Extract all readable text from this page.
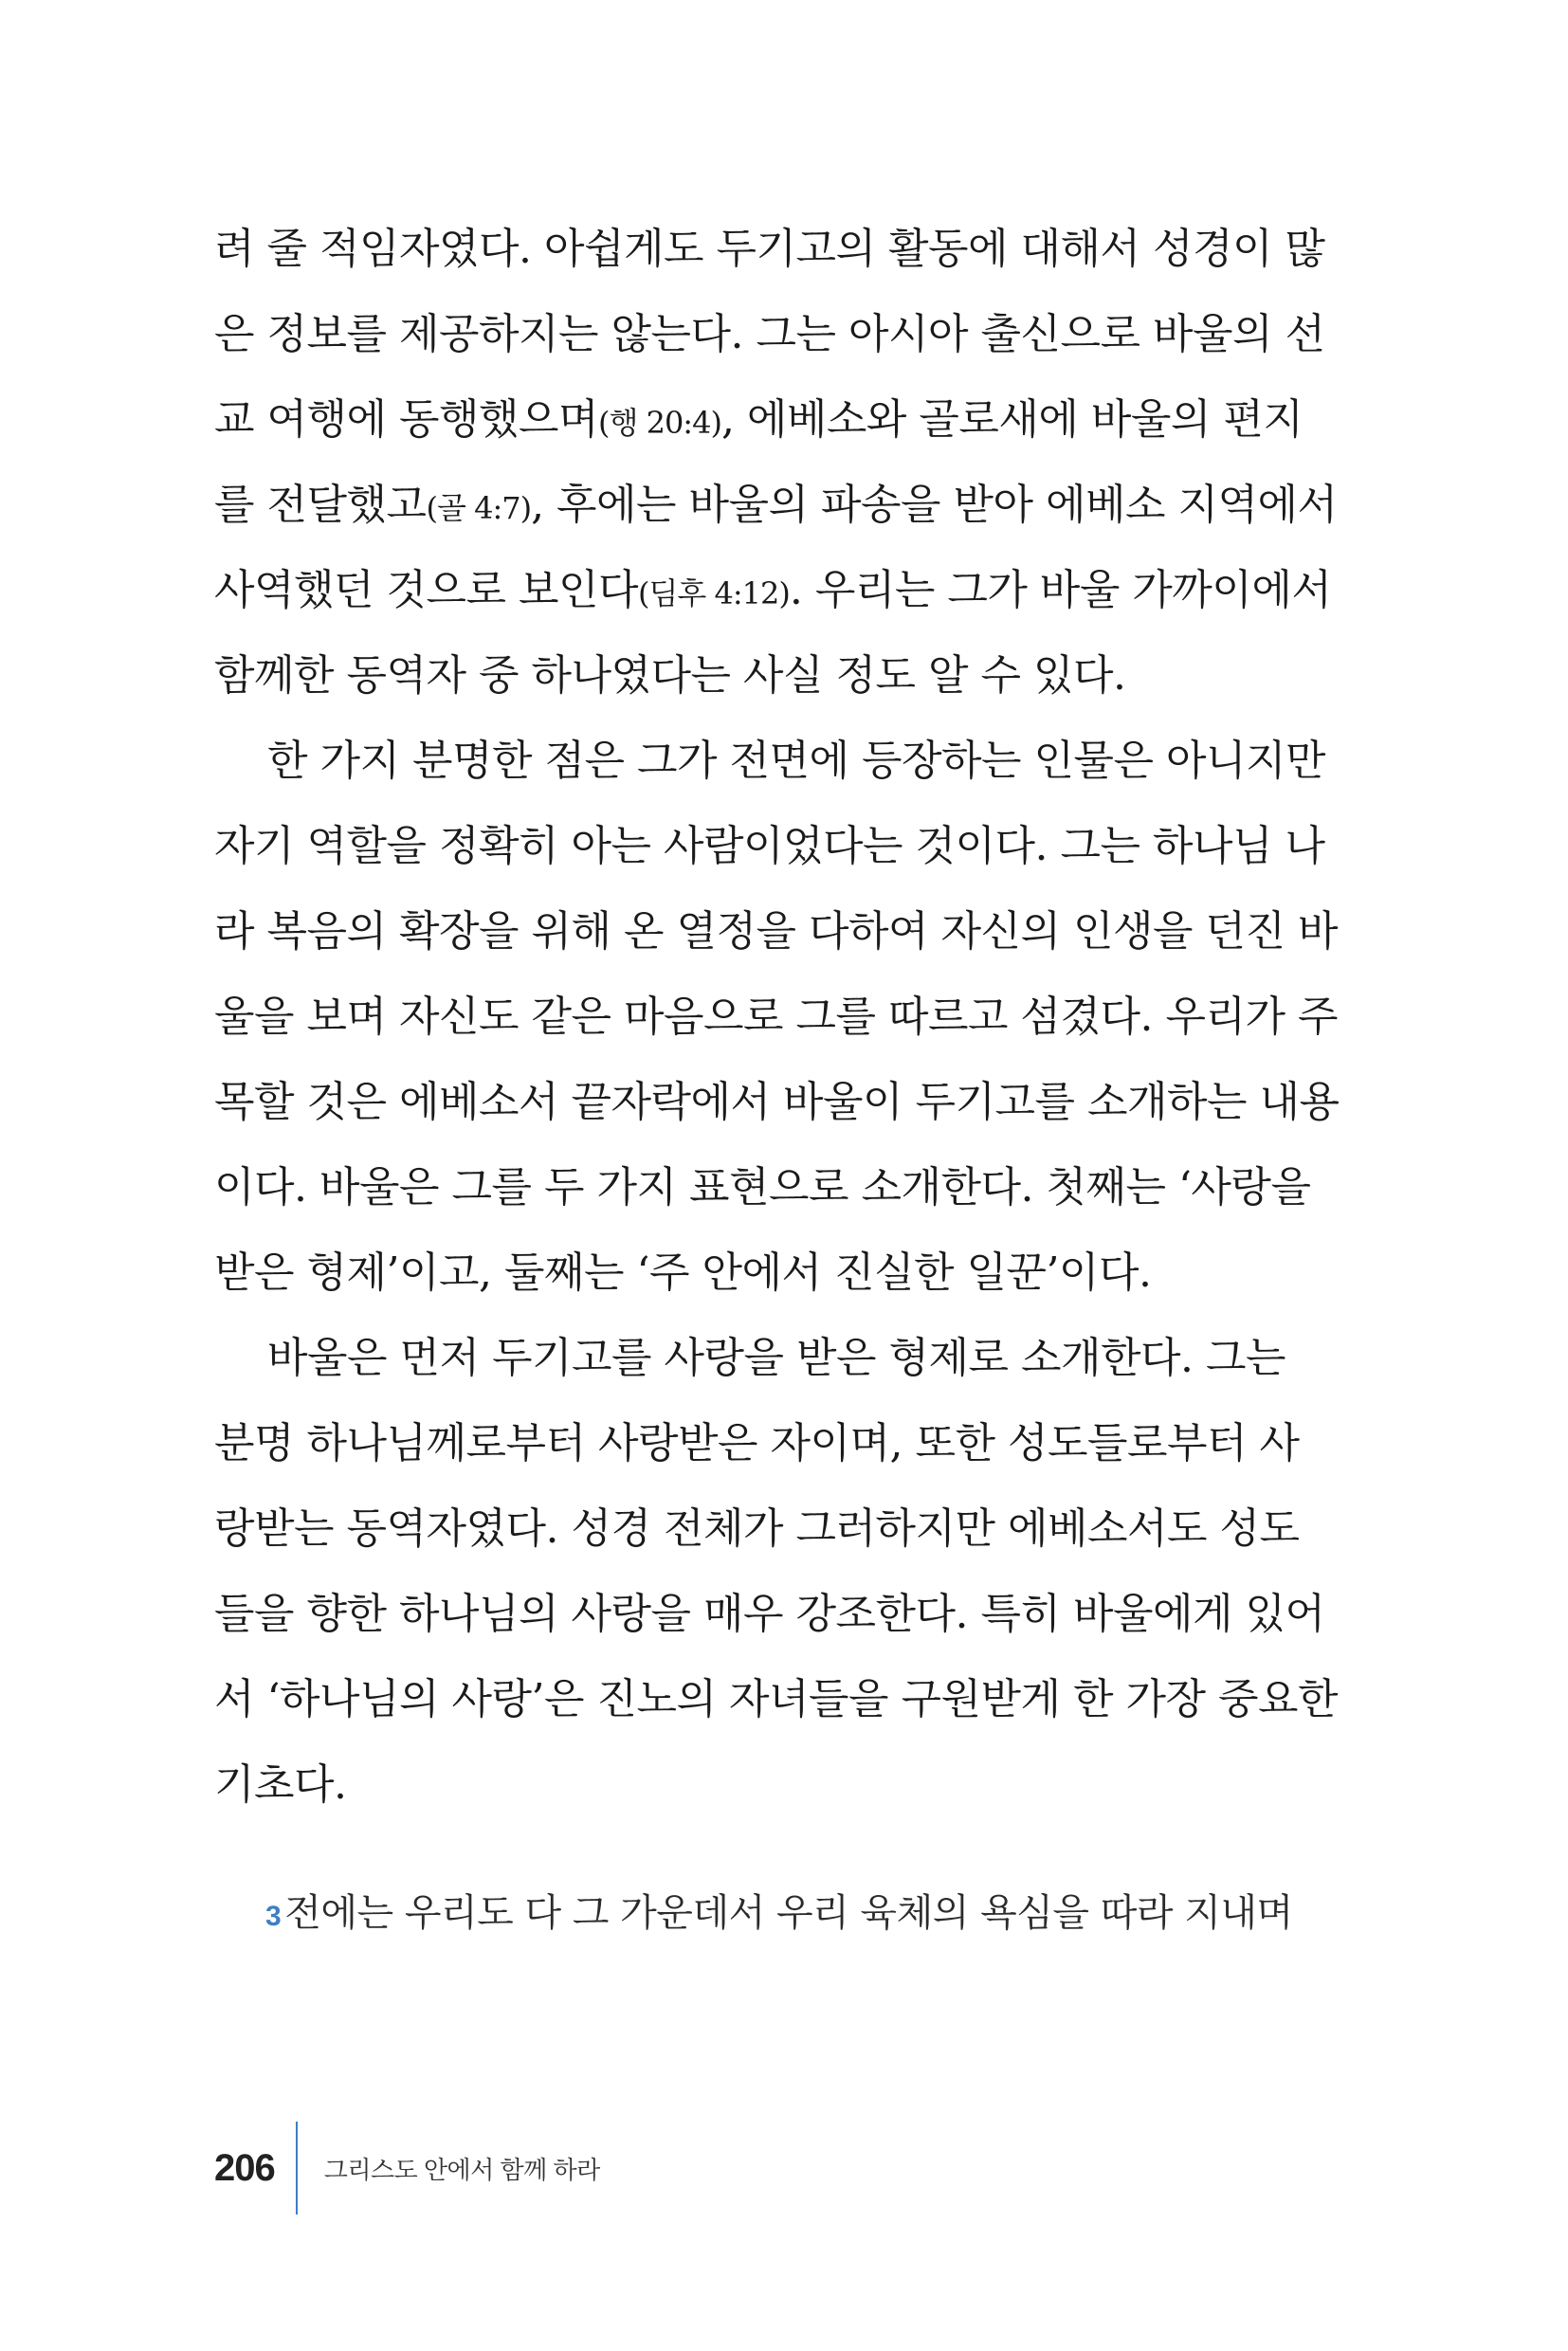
려 줄 적임자였다. 아쉽게도 두기고의 활동에 대해서 성경이 많
은 정보를 제공하지는 않는다. 그는 아시아 출신으로 바울의 선
교 여행에 동행했으며(행 20:4), 에베소와 골로새에 바울의 편지
를 전달했고(골 4:7), 후에는 바울의 파송을 받아 에베소 지역에서
사역했던 것으로 보인다(딤후 4:12). 우리는 그가 바울 가까이에서
함께한 동역자 중 하나였다는 사실 정도 알 수 있다.
한 가지 분명한 점은 그가 전면에 등장하는 인물은 아니지만
자기 역할을 정확히 아는 사람이었다는 것이다. 그는 하나님 나
라 복음의 확장을 위해 온 열정을 다하여 자신의 인생을 던진 바
울을 보며 자신도 같은 마음으로 그를 따르고 섬겼다. 우리가 주
목할 것은 에베소서 끝자락에서 바울이 두기고를 소개하는 내용
이다. 바울은 그를 두 가지 표현으로 소개한다. 첫째는 ‘사랑을
받은 형제’이고, 둘째는 ‘주 안에서 진실한 일꾼’이다.
바울은 먼저 두기고를 사랑을 받은 형제로 소개한다. 그는
분명 하나님께로부터 사랑받은 자이며, 또한 성도들로부터 사
랑받는 동역자였다. 성경 전체가 그러하지만 에베소서도 성도
들을 향한 하나님의 사랑을 매우 강조한다. 특히 바울에게 있어
서 ‘하나님의 사랑’은 진노의 자녀들을 구원받게 한 가장 중요한
기초다.
3 전에는 우리도 다 그 가운데서 우리 육체의 욕심을 따라 지내며
206 그리스도 안에서 함께 하라
